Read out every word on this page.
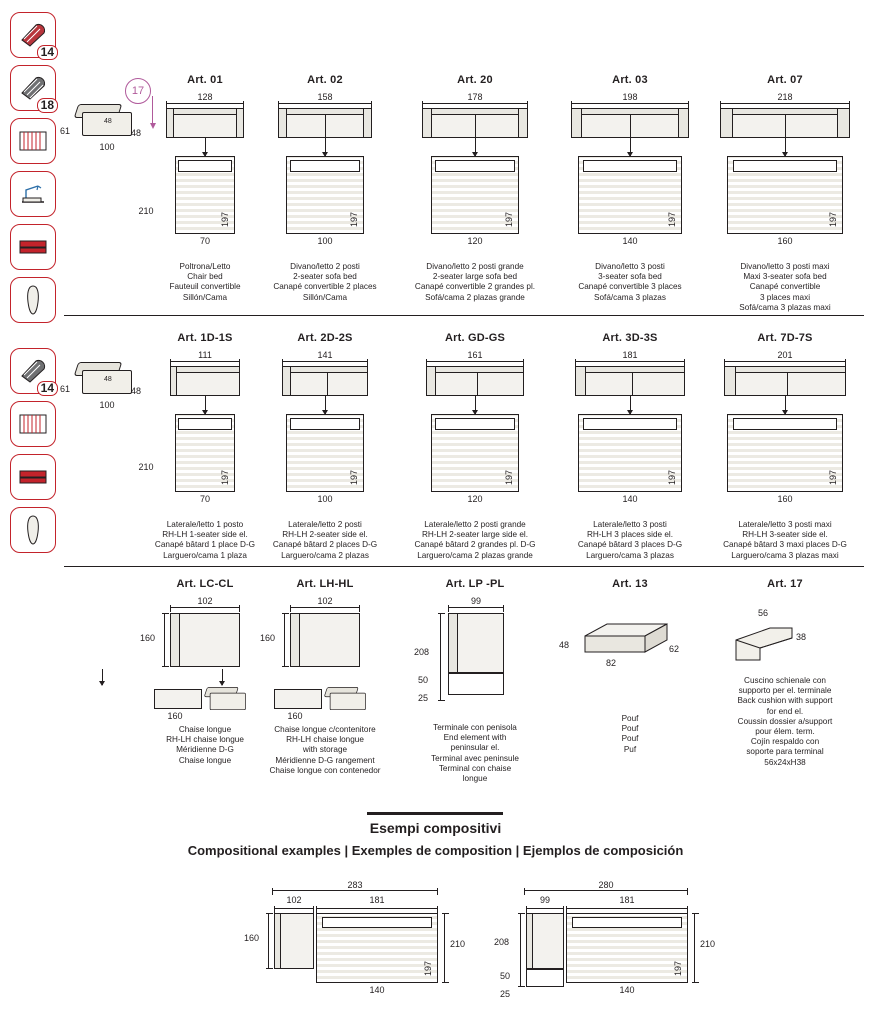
14
18
14
17
48
100
61	48
210
48
100
61	48
210
Art. 01
128
197
70
Poltrona/Letto
Chair bed
Fauteuil convertible
Sillón/Cama
Art. 02
158
197
100
Divano/letto 2 posti
2-seater sofa bed
Canapé convertible 2 places
Sillón/Cama
Art. 20
178
197
120
Divano/letto 2 posti grande
2-seater large sofa bed
Canapé convertible 2 grandes pl.
Sofá/cama 2 plazas grande
Art. 03
198
197
140
Divano/letto 3 posti
3-seater sofa bed
Canapé convertible 3 places
Sofá/cama 3 plazas
Art. 07
218
197
160
Divano/letto 3 posti maxi
Maxi 3-seater sofa bed
Canapé convertible
3 places maxi
Sofá/cama 3 plazas maxi
Art. 1D-1S
111
197
70
Laterale/letto 1 posto
RH-LH 1-seater side el.
Canapé bâtard 1 place D-G
Larguero/cama 1 plaza
Art. 2D-2S
141
197
100
Laterale/letto 2 posti
RH-LH 2-seater side el.
Canapé bâtard 2 places D-G
Larguero/cama 2 plazas
Art. GD-GS
161
197
120
Laterale/letto 2 posti grande
RH-LH 2-seater large side el.
Canapé bâtard 2 grandes pl. D-G
Larguero/cama 2 plazas grande
Art. 3D-3S
181
197
140
Laterale/letto 3 posti
RH-LH 3 places side el.
Canapé bâtard 3 places D-G
Larguero/cama 3 plazas
Art. 7D-7S
201
197
160
Laterale/letto 3 posti maxi
RH-LH 3-seater side el.
Canapé bâtard 3 maxi places D-G
Larguero/cama 3 plazas maxi
Art. LC-CL
102
160
160
Chaise longue
RH-LH chaise longue
Méridienne D-G
Chaise longue
Art. LH-HL
102
160
160
Chaise longue c/contenitore
RH-LH chaise longue
with storage
Méridienne D-G rangement
Chaise longue con contenedor
Art. LP -PL
99
208
50
25
Terminale con penisola
End element with
peninsular el.
Terminal avec peninsule
Terminal con chaise
longue
Art. 13
48	62
82
Pouf
Pouf
Pouf
Puf
Art. 17
56
38
Cuscino schienale con
supporto per el. terminale
Back cushion with support
for end el.
Coussin dossier a/support
pour élem. term.
Cojín respaldo con
soporte para terminal
56x24xH38
Esempi compositivi
Compositional examples | Exemples de composition | Ejemplos de composición
283
102	181
160
197
140
210
280
99	181
208
50
25
197
140
210
